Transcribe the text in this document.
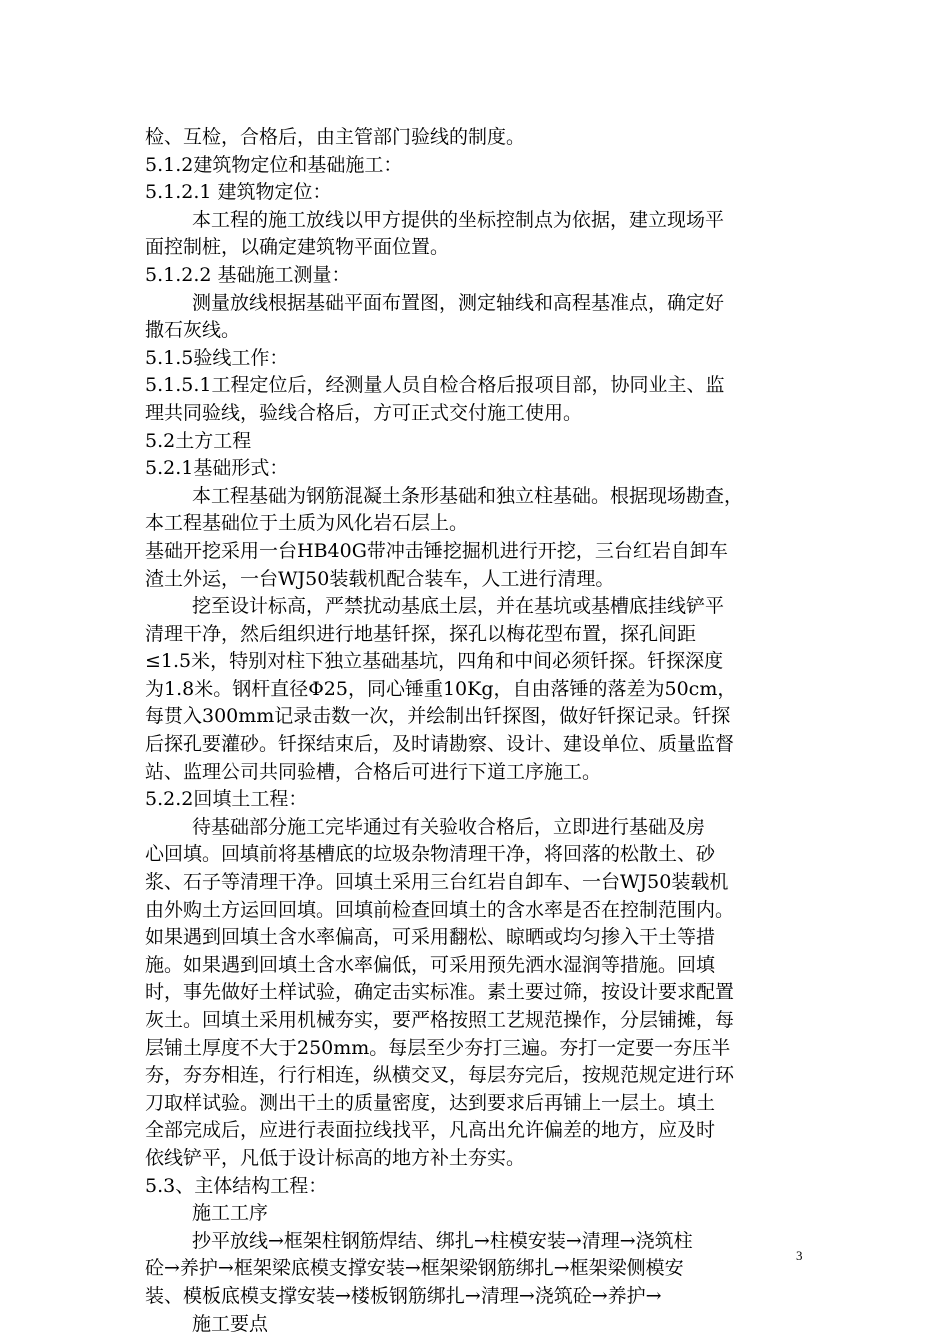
检、互检，合格后，由主管部门验线的制度。
5.1.2建筑物定位和基础施工：
5.1.2.1 建筑物定位：
本工程的施工放线以甲方提供的坐标控制点为依据，建立现场平
面控制桩，以确定建筑物平面位置。
5.1.2.2 基础施工测量：
测量放线根据基础平面布置图，测定轴线和高程基准点，确定好
撒石灰线。
5.1.5验线工作：
5.1.5.1工程定位后，经测量人员自检合格后报项目部，协同业主、监
理共同验线，验线合格后，方可正式交付施工使用。
5.2土方工程
5.2.1基础形式：
本工程基础为钢筋混凝土条形基础和独立柱基础。根据现场勘查，
本工程基础位于土质为风化岩石层上。
基础开挖采用一台HB40G带冲击锤挖掘机进行开挖，三台红岩自卸车
渣土外运，一台WJ50装载机配合装车，人工进行清理。
挖至设计标高，严禁扰动基底土层，并在基坑或基槽底挂线铲平
清理干净，然后组织进行地基钎探，探孔以梅花型布置，探孔间距
≤1.5米，特别对柱下独立基础基坑，四角和中间必须钎探。钎探深度
为1.8米。钢杆直径Φ25，同心锤重10Kg，自由落锤的落差为50cm，
每贯入300mm记录击数一次，并绘制出钎探图，做好钎探记录。钎探
后探孔要灌砂。钎探结束后，及时请勘察、设计、建设单位、质量监督
站、监理公司共同验槽，合格后可进行下道工序施工。
5.2.2回填土工程：
待基础部分施工完毕通过有关验收合格后，立即进行基础及房
心回填。回填前将基槽底的垃圾杂物清理干净，将回落的松散土、砂
浆、石子等清理干净。回填土采用三台红岩自卸车、一台WJ50装载机
由外购土方运回回填。回填前检查回填土的含水率是否在控制范围内。
如果遇到回填土含水率偏高，可采用翻松、晾晒或均匀掺入干土等措
施。如果遇到回填土含水率偏低，可采用预先洒水湿润等措施。回填
时，事先做好土样试验，确定击实标准。素土要过筛，按设计要求配置
灰土。回填土采用机械夯实，要严格按照工艺规范操作，分层铺摊，每
层铺土厚度不大于250mm。每层至少夯打三遍。夯打一定要一夯压半
夯，夯夯相连，行行相连，纵横交叉，每层夯完后，按规范规定进行环
刀取样试验。测出干土的质量密度，达到要求后再铺上一层土。填土
全部完成后，应进行表面拉线找平，凡高出允许偏差的地方，应及时
依线铲平，凡低于设计标高的地方补土夯实。
5.3、主体结构工程：
施工工序
抄平放线→框架柱钢筋焊结、绑扎→柱模安装→清理→浇筑柱
砼→养护→框架梁底模支撑安装→框架梁钢筋绑扎→框架梁侧模安
装、模板底模支撑安装→楼板钢筋绑扎→清理→浇筑砼→养护→
施工要点
3
